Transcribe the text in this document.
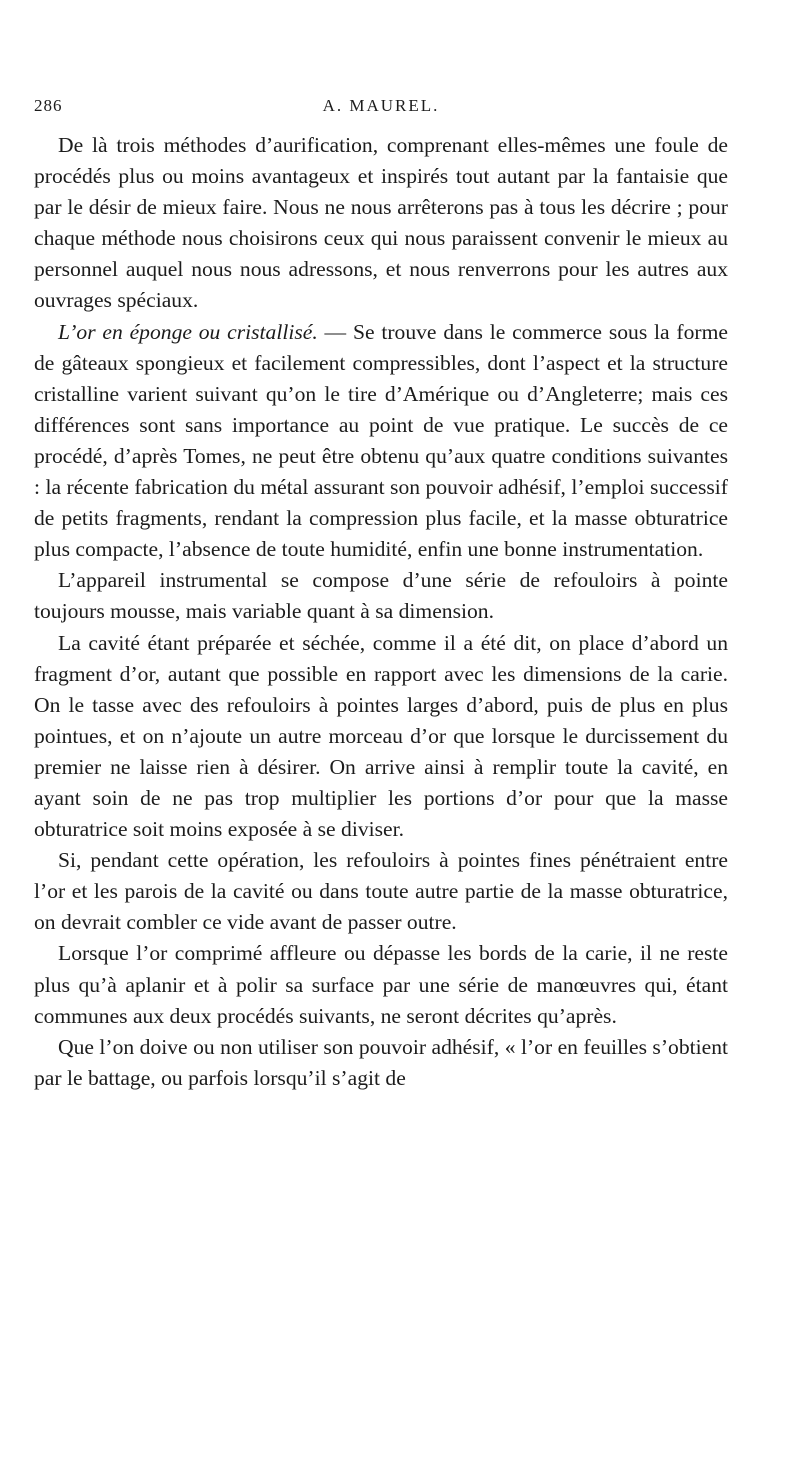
286	A. MAUREL.

De là trois méthodes d’aurification, comprenant elles-mêmes une foule de procédés plus ou moins avantageux et inspirés tout autant par la fantaisie que par le désir de mieux faire. Nous ne nous arrêterons pas à tous les décrire ; pour chaque méthode nous choisirons ceux qui nous paraissent convenir le mieux au personnel auquel nous nous adressons, et nous renverrons pour les autres aux ouvrages spéciaux.

L’or en éponge ou cristallisé. — Se trouve dans le commerce sous la forme de gâteaux spongieux et facilement compressibles, dont l’aspect et la structure cristalline varient suivant qu’on le tire d’Amérique ou d’Angleterre; mais ces différences sont sans importance au point de vue pratique. Le succès de ce procédé, d’après Tomes, ne peut être obtenu qu’aux quatre conditions suivantes : la récente fabrication du métal assurant son pouvoir adhésif, l’emploi successif de petits fragments, rendant la compression plus facile, et la masse obturatrice plus compacte, l’absence de toute humidité, enfin une bonne instrumentation.

L’appareil instrumental se compose d’une série de refouloirs à pointe toujours mousse, mais variable quant à sa dimension.

La cavité étant préparée et séchée, comme il a été dit, on place d’abord un fragment d’or, autant que possible en rapport avec les dimensions de la carie. On le tasse avec des refouloirs à pointes larges d’abord, puis de plus en plus pointues, et on n’ajoute un autre morceau d’or que lorsque le durcissement du premier ne laisse rien à désirer. On arrive ainsi à remplir toute la cavité, en ayant soin de ne pas trop multiplier les portions d’or pour que la masse obturatrice soit moins exposée à se diviser.

Si, pendant cette opération, les refouloirs à pointes fines pénétraient entre l’or et les parois de la cavité ou dans toute autre partie de la masse obturatrice, on devrait combler ce vide avant de passer outre.

Lorsque l’or comprimé affleure ou dépasse les bords de la carie, il ne reste plus qu’à aplanir et à polir sa surface par une série de manœuvres qui, étant communes aux deux procédés suivants, ne seront décrites qu’après.

Que l’on doive ou non utiliser son pouvoir adhésif, « l’or en feuilles s’obtient par le battage, ou parfois lorsqu’il s’agit de
